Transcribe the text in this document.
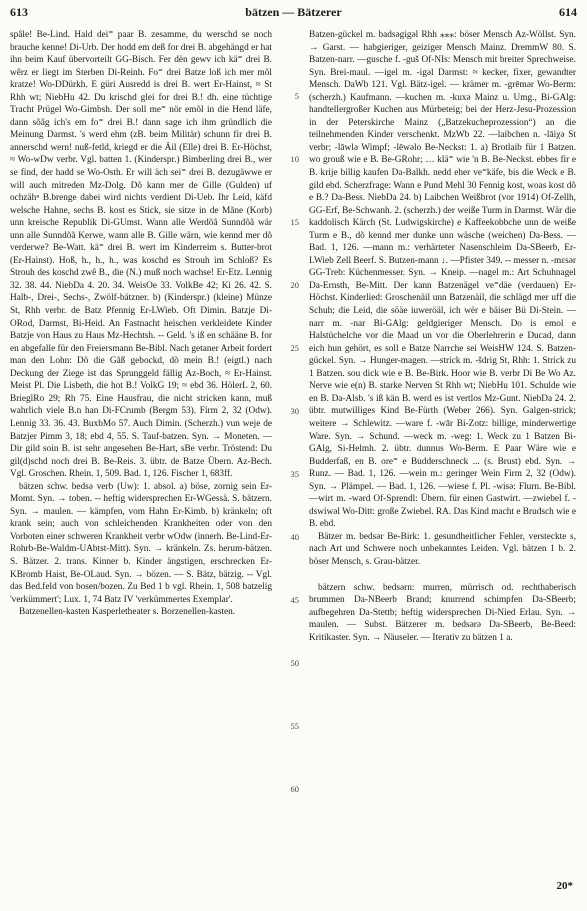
613	bätzen — Bätzerer	614

spâle! Be-Lind. Hald dei⁼ paar B. zesamme, du werschd se noch brauche kenne! Di-Urb. Der hodd em deß for drei B. abgehängd er hat ihn beim Kauf übervorteilt GG-Bisch. Fer dën gewv ich kä⁼ drei B. wêrz er liegt im Sterben Di-Reinh. Fo⁼ drei Batze loß ich mer mõl kratze! Wo-DDürkh. E güri Ausredd is drei B. wert Er-Hainst, ≈ St Rhh wt; NiebHu 42. Du krischd glei for drei B.! dh. eine tüchtige Tracht Prügel Wo-Gimbsh. Der soll me⁼ nör emõl in die Hend läfe, dann sõãg ich's em fo⁼ drei B.! dann sage ich ihm gründlich die Meinung Darmst. 's werd ehm (zB. beim Militär) schunn fir drei B. annerschd wern! nuß-fetld, kriegd er die Äil (Elle) drei B. Er-Höchst, ≈ Wo-wDw verbr. Vgl. batten 1. (Kinderspr.) Bimberling drei B., wer se find, der hadd se Wo-Osth. Er will äch sei⁼ drei B. dezugäwwe er will auch mitreden Mz-Dolg. Dõ kann mer de Gille (Gulden) uf ochzähⁿ B.brenge dabei wird nichts verdient Di-Ueb. Ihr Leid, käfd welsche Hahne, sechs B. kost es Stick, sie sitze in de Mãne (Korb) unn kreische Republik Di-GUmst. Wann alle Werdõã Sunndõã wär unn alle Sunndõã Kerwe, wann alle B. Gille wärn, wie kennd mer dõ verderwe? Be-Watt. kä⁼ drei B. wert im Kinderreim s. Butter-brot (Er-Hainst). Hoß, h., h., h., was koschd es Strouh im Schloß? Es Strouh des koschd zwê B., die (N.) muß noch wachse! Er-Etz. Lennig 32. 38. 44. NiebDa 4. 20. 34. WeisOe 33. VolkBe 42; Ki 26. 42. S. Halb-, Drei-, Sechs-, Zwölf-bätzner. b) (Kinderspr.) (kleine) Münze St, Rhh verbr. de Batz Pfennig Er-LWieb. Oft Dimin. Batzje Di-ORod, Darmst, Bi-Heid. An Fastnacht heischen verkleidete Kinder Batzje von Haus zu Haus Mz-Hechtsh. -- Geld. 's iß en schääne B. for en abgefalle für den Freiersmann Be-Bibl. Nach getaner Arbeit fordert man den Lohn: Dõ die Gãß gebockd, dõ mein B.! (eigtl.) nach Deckung der Ziege ist das Sprunggeld fällig Az-Boch, ≈ Er-Hainst. Meist Pl. Die Lisbeth, die hot B.! VolkG 19; ≈ ebd 36. HölerL 2, 60. BrieglRo 29; Rh 75. Eine Hausfrau, die nicht stricken kann, muß wahrlich viele B.n han Di-FCrumb (Bergm 53). Firm 2, 32 (Odw). Lennig 33. 36. 43. BuxbMo 57. Auch Dimin. (Scherzh.) vun weje de Batzjer Pimm 3, 18; ebd 4, 55. S. Tauf-batzen. Syn. → Moneten. — Dir gild soin B. ist sehr angesehen Be-Hart, sBe verbr. Tröstend: Du gil(d)schd noch drei B. Be-Reis. 3. übtr. de Batze Übern. Az-Bech. Vgl. Groschen. Rhein. 1, 509. Bad. 1, 126. Fischer 1, 683ff.

bätzen schw. bedsə verb (Uw): 1. absol. a) böse, zornig sein Er-Momt. Syn. → toben. -- heftig widersprechen Er-WGessä. S. bätzern. Syn. → maulen. — kämpfen, vom Hahn Er-Kimb. b) kränkeln; oft krank sein; auch von schleichenden Krankheiten oder von den Vorboten einer schweren Krankheit verbr wOdw (innerh. Be-Lind-Er-Rohrb-Be-Waldm-UAbtst-Mitt). Syn. → kränkeln. Zs. herum-bätzen. S. Bätzer. 2. trans. Kinner b. Kinder ängstigen, erschrecken Er-KBromb Haist, Be-OLaud. Syn. → bözen. — S. Bätz, bätzig. -- Vgl. das Bed.feld von bosen/bozen. Zu Bed 1 b vgl. Rhein. 1, 508 batzelig 'verkümmert'; Lux. 1, 74 Batz IV 'verkümmertes Exemplar'.

Batzenellen-kasten Kasperletheater s. Borzenellen-kasten.

5
10
15
20
25
30
35
40
45
50
55
60

Batzen-gückel m. badsəgigəl Rhh ⁎⁎⁎: böser Mensch Az-Wöllst. Syn. → Garst. — habgieriger, geiziger Mensch Mainz. DremmW 80. S. Batzen-narr. —gusche f. -guš Of-NIs: Mensch mit breiter Sprechweise. Syn. Brei-maul. —igel m. -igəl Darmst: ≈ kecker, fixer, gewandter Mensch. DaWb 121. Vgl. Bätz-igel. — krämer m. -grēmər Wo-Berm: (scherzh.) Kaufmann. —kuchen m. -kuxə Mainz u. Umg., Bi-GAlg: handtellergroßer Kuchen aus Mürbeteig; bei der Herz-Jesu-Prozession in der Peterskirche Mainz („Batzekucheprozession“) an die teilnehmenden Kinder verschenkt. MzWb 22. —laibchen n. -lāiχə St verbr; -lāwlə Wimpf; -lēwəlo Be-Neckst: 1. a) Brotlaib für 1 Batzen. wo grouß wie e B. Be-GRohr; … klä⁼ wie 'n B. Be-Neckst. ebbes fir e B. krije billig kaufen Da-Balkh. nedd eher ve⁼käfe, bis die Weck e B. gild ebd. Scherzfrage: Wann e Pund Mehl 30 Fennig kost, woas kost dõ e B.? Da-Bess. NiebDa 24. b) Laibchen Weißbrot (vor 1914) Of-Zellh, GG-Erf, Be-Schwanh. 2. (scherzh.) der weiße Turm in Darmst. Wär die kaddolisch Kärch (St. Ludwigskirche) e Kaffeekobbche unn de weiße Turm e B., dõ kennd mer dunke unn wäsche (weichen) Da-Bess. — Bad. 1, 126. —mann m.: verhärteter Nasenschleim Da-SBeerb, Er-LWieb Zell Beerf. S. Butzen-mann ↓. —Pfister 349. -- messer n. -mεsər GG-Treb: Küchenmesser. Syn. → Kneip. —nagel m.: Art Schuhnagel Da-Ernsth, Be-Mitt. Der kann Batzenägel ve⁼däe (verdauen) Er-Höchst. Kinderlied: Groschenäil unn Batzenäil, die schlägd mer uff die Schuh; die Leid, die söäe iuweröäl, ich wër e bäiser Bü Di-Stein. —narr m. -nar Bi-GAlg: geldgieriger Mensch. Do is emol e Halstüchelche vor die Maad un vor die Oberlehrerin e Ducad, dann eich hun gehört, es soll e Batze Narrche sei WeisHW 124. S. Batzen-gückel. Syn. → Hunger-magen. —strick m. -šdrig St, Rhh: 1. Strick zu 1 Batzen. sou dick wie e B. Be-Birk. Hoor wie B. verbr Di Be Wo Az. Nerve wie e(n) B. starke Nerven St Rhh wt; NiebHu 101. Schulde wie en B. Da-Alsb. 's iß kän B. werd es ist vertlos Mz-Gunt. NiebDa 24. 2. übtr. mutwilliges Kind Be-Fürth (Weber 266). Syn. Galgen-strick; weitere → Schlewitz. —ware f. -wār Bi-Zotz: billige, minderwertige Ware. Syn. → Schund. —weck m. -weg: 1. Weck zu 1 Batzen Bi-GAlg, Si-Helmh. 2. übtr. dunnus Wo-Berm. E Paar Wäre wie e Budderfaß, en B. ore⁼ e Budderschneck ... (s. Brust) ebd. Syn. → Runz. — Bad. 1, 126. —wein m.: geringer Wein Firm 2, 32 (Odw). Syn. → Plämpel. — Bad. 1, 126. —wiese f. Pl. -wisə: Flurn. Be-Bibl. —wirt m. -wərd Of-Sprendl: Übern. für einen Gastwirt. —zwiebel f. -dswiwəl Wo-Ditt: große Zwiebel. RA. Das Kind macht e Brudsch wie e B. ebd.

Bätzer m. bedsər Be-Birk: 1. gesundheitlicher Fehler, versteckte s, nach Art und Schwere noch unbekanntes Leiden. Vgl. bätzen 1 b. 2. böser Mensch, s. Grau-bätzer.

bätzern schw. bedsərn: murren, mürrisch od. rechthaberisch brummen Da-NBeerb Brand; knurrend schimpfen Da-SBeerb; aufbegehren Da-Stettb; heftig widersprechen Di-Nied Erlau. Syn. → maulen. — Subst. Bätzerer m. bedsərə Da-SBeerb, Be-Beed: Kritikaster. Syn. → Näuseler. — Iterativ zu bätzen 1 a.

20*
